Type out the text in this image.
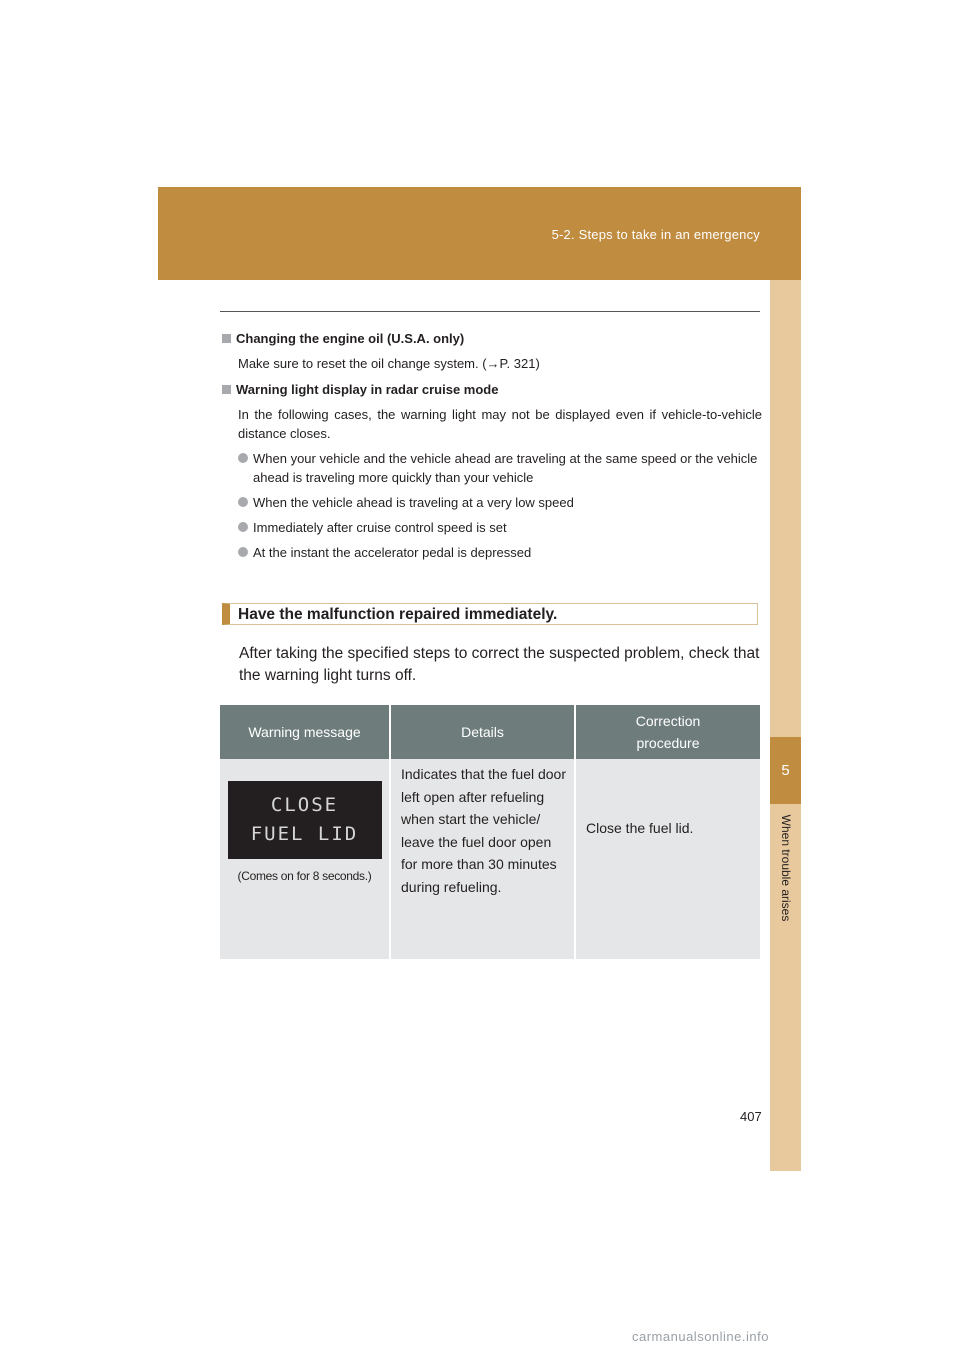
5-2. Steps to take in an emergency
5
When trouble arises

Changing the engine oil (U.S.A. only)

Make sure to reset the oil change system. (→P. 321)

Warning light display in radar cruise mode

In the following cases, the warning light may not be displayed even if vehicle-to-vehicle distance closes.

When your vehicle and the vehicle ahead are traveling at the same speed or the vehicle ahead is traveling more quickly than your vehicle
When the vehicle ahead is traveling at a very low speed
Immediately after cruise control speed is set
At the instant the accelerator pedal is depressed
Have the malfunction repaired immediately.
After taking the specified steps to correct the suspected problem, check that the warning light turns off.
Warning message	Details	Correction procedure

CLOSE
FUEL LID
(Comes on for 8 seconds.)	Indicates that the fuel door left open after refueling when start the vehicle/ leave the fuel door open for more than 30 minutes during refueling.	Close the fuel lid.
407
carmanualsonline.info
